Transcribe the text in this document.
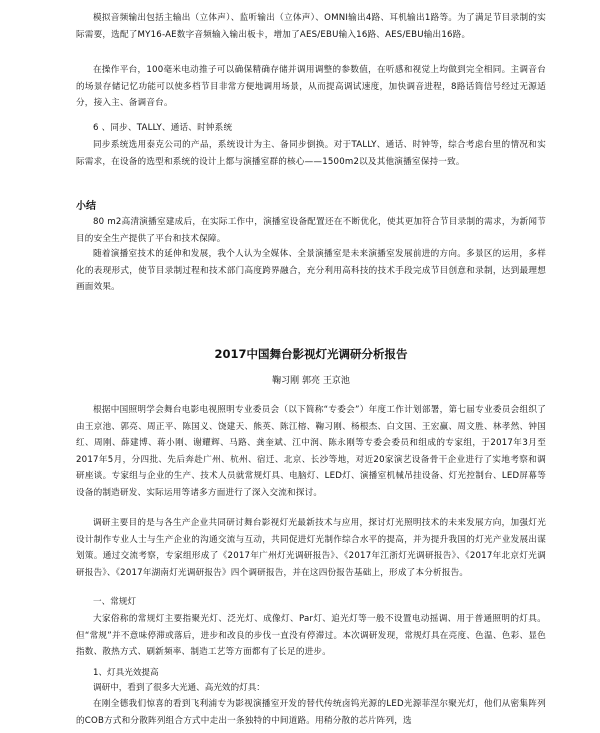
模拟音频输出包括主输出（立体声）、监听输出（立体声）、OMNI输出4路、耳机输出1路等。为了满足节目录制的实际需要，选配了MY16-AE数字音频输入输出板卡，增加了AES/EBU输入16路、AES/EBU输出16路。

在操作平台，100毫米电动推子可以确保精确存储并调用调整的参数值，在听感和视觉上均做到完全相同。主调音台的场景存储记忆功能可以使多档节目非常方便地调用场景，从而提高调试速度，加快调音进程，8路话筒信号经过无源适分，接入主、备调音台。

6 、同步、TALLY、通话、时钟系统

同步系统选用泰克公司的产品，系统设计为主、备同步倒换。对于TALLY、通话、时钟等，综合考虑台里的情况和实际需求，在设备的选型和系统的设计上都与演播室群的核心——1500m2以及其他演播室保持一致。

小结

80 m2高清演播室建成后，在实际工作中，演播室设备配置还在不断优化，使其更加符合节目录制的需求，为新闻节目的安全生产提供了平台和技术保障。

随着演播室技术的延伸和发展，我个人认为全媒体、全景演播室是未来演播室发展前进的方向。多景区的运用，多样化的表现形式，使节目录制过程和技术部门高度跨界融合，充分利用高科技的技术手段完成节目创意和录制，达到最理想画面效果。

2017中国舞台影视灯光调研分析报告
鞠习刚 郭亮 王京池

根据中国照明学会舞台电影电视照明专业委员会（以下简称“专委会”）年度工作计划部署，第七届专业委员会组织了由王京池、郭亮、周正平、陈国义、饶建天、熊英、陈江榕、鞠习刚、杨根杰、白文国、王宏赢、周文胜、林孝然、钟国红、周刚、薛建博、蒋小刚、谢耀辉、马路、龚奎斌、江中润、陈永刚等专委会委员和组成的专家组，于2017年3月至2017年5月，分四批、先后奔赴广州、杭州、宿迁、北京、长沙等地，对近20家演艺设备骨干企业进行了实地考察和调研座谈。专家组与企业的生产、技术人员就常规灯具、电脑灯、LED灯、演播室机械吊挂设备、灯光控制台、LED屏幕等设备的制造研发、实际运用等诸多方面进行了深入交流和探讨。

调研主要目的是与各生产企业共同研讨舞台影视灯光最新技术与应用，探讨灯光照明技术的未来发展方向，加强灯光设计制作专业人士与生产企业的沟通交流与互动，共同促进灯光制作综合水平的提高，并为提升我国的灯光产业发展出谋划策。通过交流考察，专家组形成了《2017年广州灯光调研报告》、《2017年江浙灯光调研报告》、《2017年北京灯光调研报告》、《2017年湖南灯光调研报告》四个调研报告，并在这四份报告基础上，形成了本分析报告。

一、常规灯

大家俗称的常规灯主要指聚光灯、泛光灯、成像灯、Par灯、追光灯等一般不设置电动摇调、用于普通照明的灯具。但“常规”并不意味停滞或落后，进步和改良的步伐一直没有停滞过。本次调研发现，常规灯具在亮度、色温、色彩、显色指数、散热方式、刷新频率、制造工艺等方面都有了长足的进步。

1、灯具光效提高
调研中，看到了很多大光通、高光效的灯具：

在刚全德我们惊喜的看到飞利浦专为影视演播室开发的替代传统卤钨光源的LED光源菲涅尔聚光灯，他们从密集阵列的COB方式和分散阵列组合方式中走出一条独特的中间道路。用稍分散的芯片阵列，选
